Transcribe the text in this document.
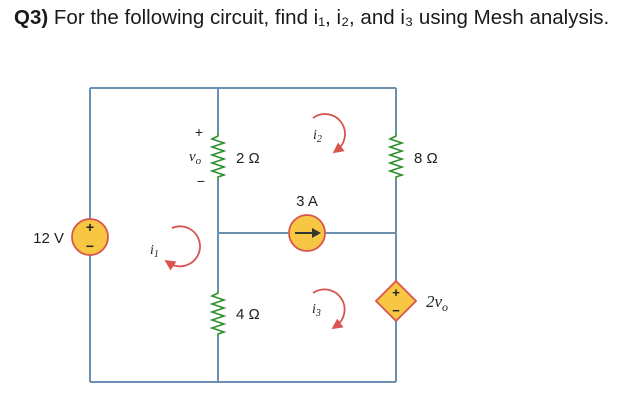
Q3) For the following circuit, find i₁, i₂, and i₃ using Mesh analysis.
+
−
12 V
3 A
+
− $2v_o$
2 Ω
4 Ω
8 Ω
+
$v_o$
−
$i_1$
$i_2$
$i_3$
